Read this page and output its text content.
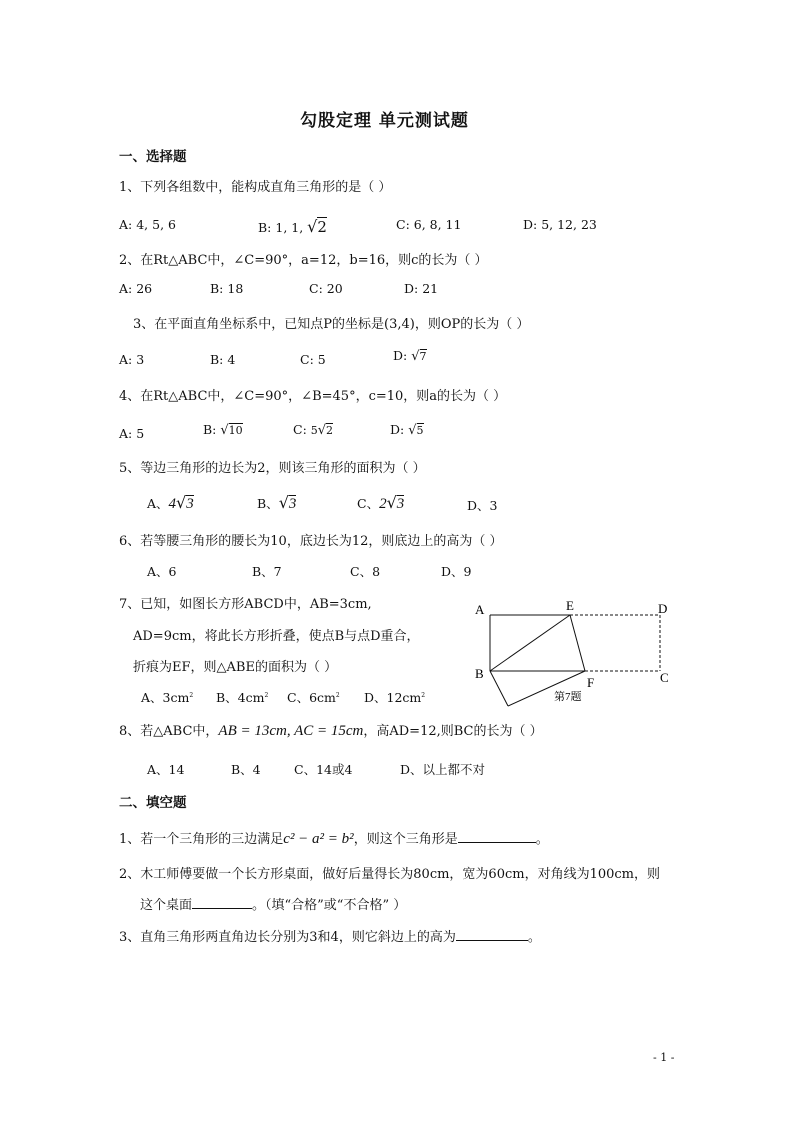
勾股定理 单元测试题
一、选择题
1、下列各组数中，能构成直角三角形的是（ ）
A: 4, 5, 6	B: 1, 1, √2	C: 6, 8, 11	D: 5, 12, 23
2、在Rt△ABC中，∠C=90°，a=12，b=16，则c的长为（ ）
A: 26	B: 18	C: 20	D: 21
3、在平面直角坐标系中，已知点P的坐标是(3,4)，则OP的长为（ ）
A: 3	B: 4	C: 5	D: √7
4、在Rt△ABC中，∠C=90°，∠B=45°，c=10，则a的长为（ ）
A: 5	B: √10	C: 5√2	D: √5
5、等边三角形的边长为2，则该三角形的面积为（ ）
A、4√3	B、√3	C、2√3	D、3
6、若等腰三角形的腰长为10，底边长为12，则底边上的高为（ ）
A、6	B、7	C、8	D、9
7、已知，如图长方形ABCD中，AB=3cm,
AD=9cm，将此长方形折叠，使点B与点D重合，
折痕为EF，则△ABE的面积为（ ）
A、$3cm^2$ B、$4cm^2$ C、$6cm^2$ D、$12cm^2$
A
B	C
D
E
F
第7题
8、若△ABC中，AB = 13cm, AC = 15cm，高AD=12,则BC的长为（ ）
A、14	B、4	C、14或4	D、以上都不对
二、填空题
1、若一个三角形的三边满足c² − a² = b²，则这个三角形是	。
2、木工师傅要做一个长方形桌面，做好后量得长为80cm，宽为60cm，对角线为100cm，则
这个桌面	。（填“合格”或“不合格” ）
3、直角三角形两直角边长分别为3和4，则它斜边上的高为	。
- 1 -
